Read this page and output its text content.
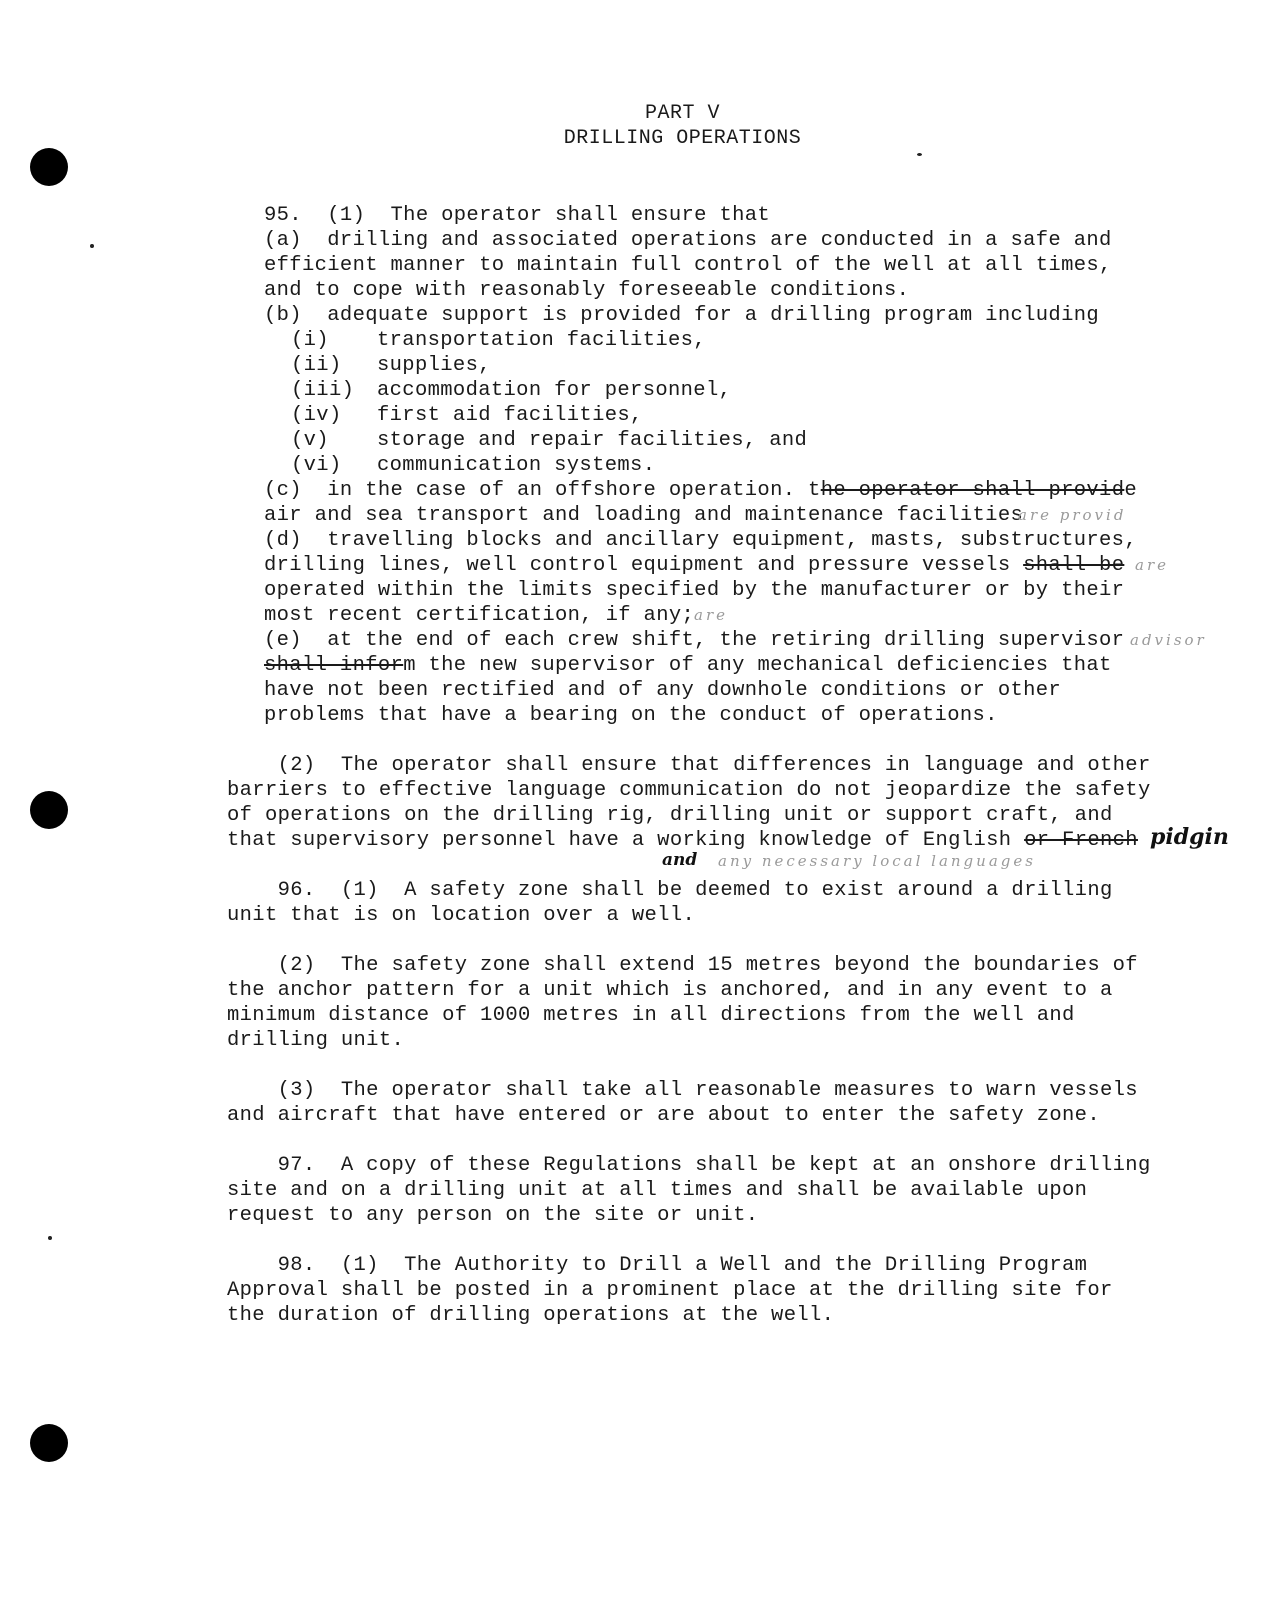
PART V
DRILLING OPERATIONS
95.  (1)  The operator shall ensure that
(a)  drilling and associated operations are conducted in a safe and
efficient manner to maintain full control of the well at all times,
and to cope with reasonably foreseeable conditions.
(b)  adequate support is provided for a drilling program including
(i) transportation facilities,
(ii) supplies,
(iii) accommodation for personnel,
(iv) first aid facilities,
(v) storage and repair facilities, and
(vi) communication systems.
(c)  in the case of an offshore operation. the operator shall provide
air and sea transport and loading and maintenance facilities
are provid
(d)  travelling blocks and ancillary equipment, masts, substructures,
drilling lines, well control equipment and pressure vessels shall be are
operated within the limits specified by the manufacturer or by their
most recent certification, if any; are
(e)  at the end of each crew shift, the retiring drilling supervisor advisor
shall inform the new supervisor of any mechanical deficiencies that
have not been rectified and of any downhole conditions or other
problems that have a bearing on the conduct of operations.
(2)  The operator shall ensure that differences in language and other
barriers to effective language communication do not jeopardize the safety
of operations on the drilling rig, drilling unit or support craft, and
that supervisory personnel have a working knowledge of English or French pidgin
and any necessary local languages
96.  (1)  A safety zone shall be deemed to exist around a drilling
unit that is on location over a well.
(2)  The safety zone shall extend 15 metres beyond the boundaries of
the anchor pattern for a unit which is anchored, and in any event to a
minimum distance of 1000 metres in all directions from the well and
drilling unit.
(3)  The operator shall take all reasonable measures to warn vessels
and aircraft that have entered or are about to enter the safety zone.
97.  A copy of these Regulations shall be kept at an onshore drilling
site and on a drilling unit at all times and shall be available upon
request to any person on the site or unit.
98.  (1)  The Authority to Drill a Well and the Drilling Program
Approval shall be posted in a prominent place at the drilling site for
the duration of drilling operations at the well.
